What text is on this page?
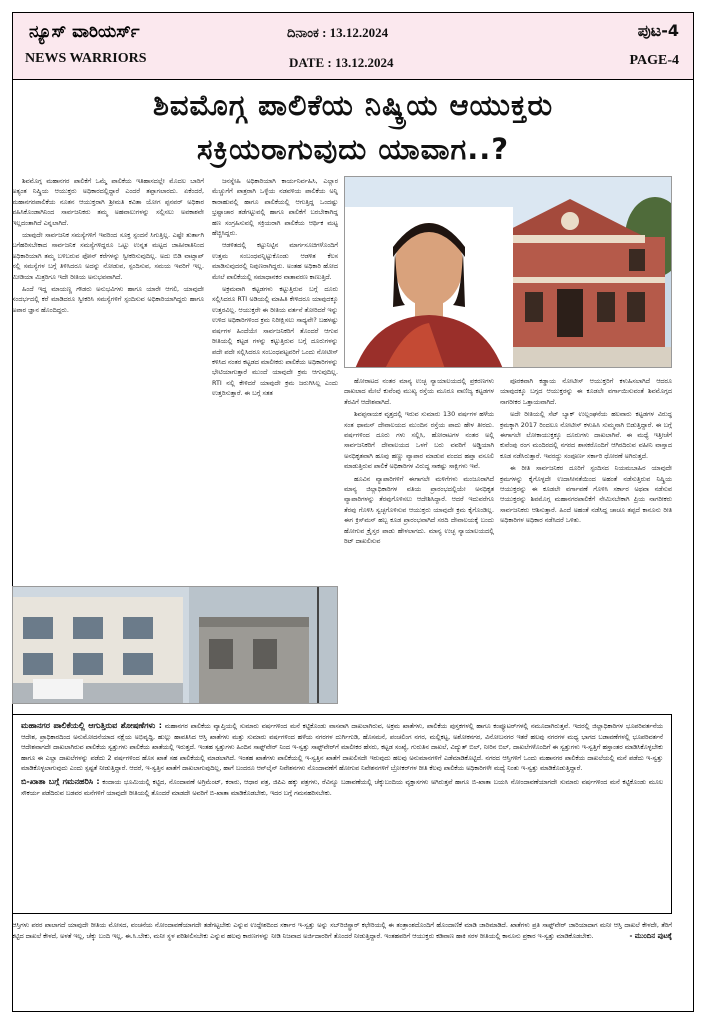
ನ್ಯೂಸ್ ವಾರಿಯರ್ಸ್
NEWS WARRIORS
ದಿನಾಂಕ : 13.12.2024
DATE : 13.12.2024
ಪುಟ-4
PAGE-4
ಶಿವಮೊಗ್ಗ ಪಾಲಿಕೆಯ ನಿಷ್ಕ್ರಿಯ ಆಯುಕ್ತರು
ಸಕ್ರಿಯರಾಗುವುದು ಯಾವಾಗ..?

ಶಿವಮೊಗ್ಗ ಮಹಾನಗರ ಪಾಲಿಕೆಗೆ ಒಮ್ಮೆ ಪಾಲಿಕೆಯ ಇತಿಹಾಸದಲ್ಲೇ ಮೊದಲ ಬಾರಿಗೆ ಅತ್ಯಂತ ನಿಷ್ಕ್ರಿಯ ಆಯುಕ್ತರು ಅಧಿಕಾರದಲ್ಲಿದ್ದಾರೆ ಎಂದರೆ ತಪ್ಪಾಗಲಾರದು. ಏಕೆಂದರೆ, ಮಹಾನಗರಪಾಲಿಕೆಯ ನೂತನ ಆಯುಕ್ತರಾಗಿ ಶ್ರೀಮತಿ ಕವಿತಾ ಯೋಗ ಪ್ಪನವರ್ ಅಧಿಕಾರ ವಹಿಸಿಕೊಂಡಾಗಿನಿಂದ ಸಾರ್ವಜನಿಕರು ತಮ್ಮ ಅಹವಾಲುಗಳನ್ನು ಸಲ್ಲಿಸಲು ಅವಕಾಶವೇ ಇಲ್ಲದಂತಾಗಿದೆ ಎನ್ನಲಾಗಿದೆ.

ಯಾವುದೇ ಸಾರ್ವಜನಿಕ ಸಮಸ್ಯೆಗಳಿಗೆ ಇವರಿಂದ ಸೂಕ್ತ ಸ್ಪಂದನೆ ಸಿಗುತ್ತಿಲ್ಲ. ಎಷ್ಟೇ ತುರ್ತಾಗಿ ಬಗೆಹರಿಸಬೇಕಾದ ಸಾರ್ವಜನಿಕ ಸಮಸ್ಯೆಗಳಿದ್ದರೂ ಒಟ್ಟು ಉನ್ನತ ಮಟ್ಟದ ಜಾಹೀರಾತಿನಿಂದ ಅಧಿಕಾರಿಯಾಗಿ ತಮ್ಮ ಬಳಿಬರುವ ಫೋನ್ ಕರೆಗಳನ್ನು ಸ್ವೀಕರಿಸುವುದಿಲ್ಲ. ಅದು ಬಿಡಿ ವಾಟ್ಸಾಪ್ ನಲ್ಲಿ ಸಮಸ್ಯೆಗಳ ಬಗ್ಗೆ ತಿಳಿಸಿದರೂ ಅದನ್ನು ನೋಡುವ, ಸ್ಪಂದಿಸುವ, ಸಮಯ ಇವರಿಗೆ ಇಲ್ಲ. ಮೀಡಿಯಾ ಮಿತ್ರರಿಗೂ ಇದೇ ರೀತಿಯ ಅನುಭವವಾಗಿದೆ.

ಹಿಂದೆ ಇದ್ದ ಮಾಯಣ್ಣ ಗೌಡರು ಅನುಭವಿಗಳು ಹಾಗೂ ಯಾರೇ ಆಗಲಿ, ಯಾವುದೇ ಸಂದರ್ಭದಲ್ಲಿ ಕರೆ ಮಾಡಿದರೂ ಸ್ವೀಕರಿಸಿ ಸಮಸ್ಯೆಗಳಿಗೆ ಸ್ಪಂದಿಸುವ ಅಧಿಕಾರಿಯಾಗಿದ್ದರು ಹಾಗೂ ಅಪಾರ ಜ್ಞಾನ ಹೊಂದಿದ್ದರು.

ಜನಸ್ನೇಹಿ ಅಧಿಕಾರಿಯಾಗಿ ಕಾರ್ಯನಿರ್ವಹಿಸಿ, ಎಲ್ಲಾರ ಮೆಚ್ಚುಗೆಗೆ ಪಾತ್ರರಾಗಿ ಒಳ್ಳೆಯ ನಡವಳಿಯ ಪಾಲಿಕೆಯ ಅನ್ನಿ ಕಾರಾಹುವಲ್ಲಿ ಹಾಗೂ ಪಾಲಿಕೆಯಲ್ಲಿ ಆಗುತ್ತಿದ್ದ ಒಂದಷ್ಟು ಭ್ರಷ್ಟಾಚಾರ ತಡೆಗಟ್ಟುವಲ್ಲಿ ಹಾಗೂ ಪಾಲಿಕೆಗೆ ಬರಬೇಕಾಗಿದ್ದ ಹಣ ಸಂಗ್ರಹಿಸುವಲ್ಲಿ ಸಕ್ರಿಯರಾಗಿ ಪಾಲಿಕೆಯ ಆರ್ಥಿಕ ಮಟ್ಟ ಹೆಚ್ಚಿಸಿದ್ದರು.

ಆಡಳಿತದಲ್ಲಿ ಕಟ್ಟುನಿಟ್ಟಿನ ಮಾರ್ಗಸೂಚಿಗಳೊಂದಿಗೆ ಉತ್ತಮ ಸಂಬಂಧವನ್ನಿಟ್ಟುಕೊಂಡು ಆಡಳಿತ ಕೆಲಸ ಮಾಡಿಸುವುದರಲ್ಲಿ ನಿಪುಣರಾಗಿದ್ದರು. ಅಂತಹ ಅಧಿಕಾರಿ ಹೋದ ಮೇಲೆ ಪಾಲಿಕೆಯಲ್ಲಿ ಸಮಾಧಾನಕರ ವಾತಾವರಣ ಕಾಣುತ್ತಿದೆ.

ಅಕ್ರಮವಾಗಿ ಕಟ್ಟಡಗಳು ಕಟ್ಟುತ್ತಿರುವ ಬಗ್ಗೆ ದೂರು ಸಲ್ಲಿಸಿದರೂ RTI ಅಡಿಯಲ್ಲಿ ಮಾಹಿತಿ ಕೇಳಿದರೂ ಯಾವುದಕ್ಕೂ ಉತ್ತರವಿಲ್ಲ. ಆಯುಕ್ತರೇ ಈ ರೀತಿಯ ವರ್ತನೆ ತೋರಿದರೆ ಇನ್ನು ಉಳಿದ ಅಧಿಕಾರಿಗಳಿಂದ ಕ್ರಮ ನಿರೀಕ್ಷಿಸಲು ಸಾಧ್ಯವೇ? ಬಹಳಷ್ಟು ವರ್ಷಗಳ ಹಿಂದೆಯೇ ಸಾರ್ವಜನಿಕರಿಗೆ ತೊಂದರೆ ಆಗುವ ರೀತಿಯಲ್ಲಿ ಕಟ್ಟಡ ಗಳನ್ನು ಕಟ್ಟುತ್ತಿರುವ ಬಗ್ಗೆ ದೂರುಗಳನ್ನು ಪದೇ ಪದೇ ಸಲ್ಲಿಸಿದರೂ ಸಂಬಂಧಪಟ್ಟವರಿಗೆ ಒಂದು ನೋಟೀಸ್ ಕಳಿಸಿದ ನಂತರ ಕಟ್ಟಡದ ಮಾಲೀಕರು ಪಾಲಿಕೆಯ ಅಧಿಕಾರಿಗಳನ್ನು ಭೇಟಿಯಾಗುತ್ತಾರೆ ಮುಂದೆ ಯಾವುದೇ ಕ್ರಮ ಆಗುವುದಿಲ್ಲ. RTI ನಲ್ಲಿ ಕೇಳಿದರೆ ಯಾವುದೇ ಕ್ರಮ ಜರುಗಿಸಿಲ್ಲ ಎಂದು ಉತ್ತರಿಸುತ್ತಾರೆ. ಈ ಬಗ್ಗೆ ಸತತ

ಹೋರಾಟದ ನಂತರ ಮಾನ್ಯ ಉಚ್ಛ ನ್ಯಾಯಾಲಯದಲ್ಲಿ ಪ್ರಕರಣಗಳು ದಾಖಲಾದ ಮೇಲೆ ಕುವೆಂಪು ಮುಖ್ಯ ರಸ್ತೆಯ ಮೂರೂ ವಾಣಿಜ್ಯ ಕಟ್ಟಡಗಳ ತೆರವಿಗೆ ಆದೇಶವಾಗಿದೆ.

ಶಿವಪ್ಪನಾಯಕ ವೃತ್ತದಲ್ಲಿ ಇರುವ ಸುಮಾರು 130 ವರ್ಷಗಳ ಹಳೆಯ ಸಂತ ಥಾಮಸ್ ದೇವಾಲಯದ ಮುಂದಿನ ರಸ್ತೆಯ ಪಾದು ಹೇಳ ತೀರದು. ವರ್ಷಗಳಿಂದ ದೂರು ಗಳು ಸಲ್ಲಿಸಿ, ಹೋರಾಟಗಳ ನಂತರ ಅಲ್ಲಿ ಸಾರ್ವಜನಿಕರಿಗೆ ದೇವಾಲಯದ ಒಳಗೆ ಬರು ವವರಿಗೆ ಅಡ್ಡಿಯಾಗಿ ಅನಧಿಕೃತವಾಗಿ ಹೂವು ಹಣ್ಣು ವ್ಯಾಪಾರ ಮಾಡುವ ವಂದದ ಹಪ್ತಾ ವಸೂಲಿ ಮಾಡುತ್ತಿರುವ ಪಾಲಿಕೆ ಅಧಿಕಾರಿಗಳ ವಿರುದ್ಧ ಸಾಕಷ್ಟು ಸಾಕ್ಷಿಗಳು ಇವೆ.

ಹೂವಿನ ವ್ಯಾಪಾರಿಗಳಿಗೆ ಈಗಾಗಲೇ ಮಳಿಗೆಗಳು ಮಂಜೂರಾಗಿದೆ ಮಾನ್ಯ ಜಿಲ್ಲಾಧಿಕಾರಿಗಳ ವತಿಯ ಪ್ರಾರಂಭದಲ್ಲಿಯೇ ಅನಧಿಕೃತ ವ್ಯಾಪಾರಿಗಳನ್ನು ತೆರವುಗೊಳಿಸಲು ಆದೇಶಿಸಿದ್ದಾರೆ. ಆದರೆ ಇದುವರೆಗೂ ತೆರವು ಗೊಳಿಸಿ ಸ್ವಚ್ಛಗೊಳಿಸುವ ಆಯುಕ್ತರು ಯಾವುದೇ ಕ್ರಮ ಕೈಗೊಂಡಿಲ್ಲ. ಈಗ ಕ್ರಿಸ್‌ಮಸ್ ಹಬ್ಬ ಕೂಡ ಪ್ರಾರಂಭವಾಗಿದೆ ಸರದಿ ದೇವಾಲಯಕ್ಕೆ ಬಂದು ಹೋಗುವ ಕ್ರೈಸ್ತರ ಪಾಡು ಹೇಳಲಾಗದು. ಮಾನ್ಯ ಉಚ್ಛ ನ್ಯಾಯಾಲಯದಲ್ಲಿ ರಿಟ್ ದಾಖಲಿಸುವ

ಪೂರಕವಾಗಿ ಕಡ್ಡಾಯ ನೋಟೀಸ್ ಆಯುಕ್ತರಿಗೆ ಕಳುಹಿಸಲಾಗಿದೆ ಆದರೂ ಯಾವುದಕ್ಕೂ ಬಗ್ಗದ ಆಯುಕ್ತರನ್ನು ಈ ಕೂಡಲೇ ವರ್ಗಾಯಿಸುವಂತೆ ಶಿವಮೊಗ್ಗದ ನಾಗರೀಕರ ಒತ್ತಾಯವಾಗಿದೆ.

ಅದೇ ರೀತಿಯಲ್ಲಿ ಸೆಟ್ ಬ್ಯಾಕ್ ಉಲ್ಲಂಘನೆಯ ಹಲವಾರು ಕಟ್ಟಡಗಳ ವಿರುದ್ಧ ಕ್ರಮಕ್ಕಾಗಿ 2017 ರಿಂದಲೂ ನೋಟೀಸ್ ಕಳುಹಿಸಿ ಸುಮ್ಮನಾಗಿ ಬಿಡುತ್ತಿದ್ದಾರೆ. ಈ ಬಗ್ಗೆ ಈಗಾಗಲೇ ಲೋಕಾಯುಕ್ತಕ್ಕೂ ದೂರುಗಳು ದಾಖಲಾಗಿವೆ. ಈ ಮಧ್ಯೆ ಇತ್ತೀಚೆಗೆ ಕುವೆಂಪು ರಂಗ ಮಂದಿರದಲ್ಲಿ ನಗರದ ಶಾಸಕರೊಂದಿಗೆ ಆಗಿರದಿರುವ ವಹೀನಿ ವಾಸ್ತಾದ ಕೂಡ ನಡೆಸಿರುತ್ತಾರೆ. ಇವರದ್ದು ಸಂಪೂರ್ಣ ಸರ್ಕಾರಿ ಧೋರಣೆ ಅಗಿರುತ್ತದೆ.

ಈ ರೀತಿ ಸಾರ್ವಜನಿಕರ ದೂರಿಗೆ ಸ್ಪಂದಿಸದ ನಿಯಮಬಾಹಿರ ಯಾವುದೇ ಕ್ರಮಗಳನ್ನು ಕೈಗೊಳ್ಳದೇ ಉದಾಸೀನತೆಯಿಂದ ಅಹಂತೆ ನಡೆಸುತ್ತಿರುವ ನಿಷ್ಕ್ರಿಯ ಆಯುಕ್ತರನ್ನು ಈ ಕೂಡಲೇ ವರ್ಗಾವಣೆ ಗೊಳಿಸಿ ಸರ್ಕಾರ ಅಥವಾ ನಡೆಸುವ ಆಯುಕ್ತರನ್ನು ಶಿವಮೊಗ್ಗ ಮಹಾನಗರಪಾಲಿಕೆಗೆ ನೇಮಿಸಬೇಕಾಗಿ ಪ್ರಿಯ ನಾಗರೀಕರು ಸಾರ್ವಜನಿಕರು ಆಶಿಸುತ್ತಾರೆ. ಹಿಂದೆ ಅಹಂತೆ ನಡೆಸಿದ್ದ ಚಾಚೂ ತಪ್ಪದೆ ಕಾನೂನು ರೀತಿ ಅಧಿಕಾರಿಗಳ ಅಧಿಕಾರ ನಡೆಸಿದರೆ ಒಳಿತು.

ಮಹಾನಗರ ಪಾಲಿಕೆಯಲ್ಲಿ ಆಗುತ್ತಿರುವ ಶೋಷಣೆಗಳು : ಮಹಾನಗರ ಪಾಲಿಕೆಯ ವ್ಯಾಪ್ತಿಯಲ್ಲಿ ಸುಮಾರು ವರ್ಷಗಳಿಂದ ಮನೆ ಕಟ್ಟಿಕೊಂಡು ವಾಸವಾಗಿ ದಾಖಲಾಗಿರುವ, ಅಕ್ರಮ ಖಾತೆಗಳು, ಪಾಲಿಕೆಯ ಪುಸ್ತಕಗಳಲ್ಲಿ ಹಾಗೂ ಕಂಪ್ಯೂಟರ್‌ಗಳಲ್ಲಿ ನಮೂದಾಗಿರುತ್ತವೆ. ಇದರಲ್ಲಿ ಜಿಲ್ಲಾಧಿಕಾರಿಗಳ ಭೂಪರಿವರ್ತನೆಯ ಆದೇಶ, ಪ್ರಾಧಿಕಾರದಿಂದ ಅನುಮೋದನೆಯಾದ ನಕ್ಷೆಯ ಅಭಿವೃದ್ಧಿ, ಹುಲ್ಲು ಹಾವತಿಸಿದ ಆಸ್ತಿ ಖಾತೆಗಳು ಮತ್ತು ಸುಮಾರು ವರ್ಷಗಳಿಂದ ಹಳೆಯ ನಗರಗಳ ದುರ್ಗಿಗುಡಿ, ಹೊಸಮನೆ, ಪಂಚಲಿಂಗ ನಗರ, ಮಲ್ಲಿಕಟ್ಟ, ಅಶೋಕನಗರ, ವಿನೋಬನಗರ ಇತರೆ ಹಲವು ನಗರಗಳ ಮಧ್ಯ ಭಾಗದ ಬಡಾವಣೆಗಳಲ್ಲಿ ಭೂಪರಿವರ್ತನೆ ಆದೇಶವಾಗದೇ ದಾಖಲಾಗಿರುವ ಪಾಲಿಕೆಯ ಸ್ವತ್ತುಗಳು ಪಾಲಿಕೆಯ ಖಾತೆಯಲ್ಲಿ ಇರುತ್ತದೆ. ಇಂತಹ ಸ್ವತ್ತುಗಳು ಹಿಂದಿನ ಸಾಫ್ಟ್‌ವೇರ್ ನಿಂದ ಇ-ಸ್ವತ್ತು ಸಾಫ್ಟ್‌ವೇರ್‌ಗೆ ಮಾಲೀಕರ ಹೆಸರು, ಕಟ್ಟಡ ಸಂಖ್ಯೆ, ಗುರುತಿನ ದಾಖಲೆ, ವಿದ್ಯುತ್ ಬಿಲ್, ನೀರಿನ ಬಿಲ್, ದಾಖಲೆಗಳೊಂದಿಗೆ ಈ ಸ್ವತ್ತುಗಳು ಇ-ಸ್ವತ್ತಿಗೆ ಹಸ್ತಾಂತರ ಮಾಡಿಸಿಕೊಳ್ಳಬೇಕು ಹಾಗೂ ಈ ಎಲ್ಲಾ ದಾಖಲೆಗಳನ್ನು ಪಡೆದು 2 ವರ್ಷಗಳಿಂದ ಹೊಸ ಖಾತೆ ಸಹ ಪಾಲಿಕೆಯಲ್ಲಿ ಮಾಡಲಾಗಿದೆ. ಇಂತಹ ಖಾತೆಗಳು ಪಾಲಿಕೆಯಲ್ಲಿ ಇ-ಸ್ವತ್ತಿನ ಖಾತೆಗೆ ದಾಖಲಿಸದೇ ಇರುವುದು ಹಲವು ಅನುಮಾನಗಳಿಗೆ ಎಡೆಮಾಡಿಕೊಟ್ಟಿದೆ. ನಗರದ ಆಸ್ತಿಗಳಿಗೆ ಒಂದು ಮಹಾನಗರ ಪಾಲಿಕೆಯ ದಾಖಲೆಯಲ್ಲಿ ಮನೆ ಪಡೆದು ಇ-ಸ್ವತ್ತು ಮಾಡಿಕೊಳ್ಳಲಾಗುವುದು ಎಂದು ಸ್ಪಷ್ಟತೆ ನೀಡುತ್ತಿದ್ದಾರೆ. ಆದರೆ, ಇ-ಸ್ವತ್ತಿನ ಖಾತೆಗೆ ದಾಖಲಾಗುವುದಿಲ್ಲ, ಹಾಗೆ ಬಂದರೂ ಆನ್‌ಲೈನ್ ನಿವೇಶನಗಳು ನೊಂದಾವಣೆಗೆ ಹೋಗುವ ನಿವೇಶನಗಳಿಗೆ ಬ್ರೋಕರ್‌ಗಳ ರೀತಿ ಕೆಲವು ಪಾಲಿಕೆಯ ಅಧಿಕಾರಿಗಳೇ ಮಧ್ಯೆ ನಿಂತು ಇ-ಸ್ವತ್ತು ಮಾಡಿಕೊಡುತ್ತಿದ್ದಾರೆ.

ಬಿ-ಖಾತಾ ಬಗ್ಗೆ ಗಮನಹರಿಸಿ : ಕಂದಾಯ ಭೂಮಿಯಲ್ಲಿ ಕಟ್ಟಿದ, ನೊಂದಾವಣೆ ಅಗ್ರಿಮೆಂಟ್, ಕರಾರು, ಆಧಾರ ಪತ್ರ, ಜಿಪಿಎ ಹಕ್ಕು ಪತ್ರಗಳು, ರೆವಿನ್ಯೂ ಬಡಾವಣೆಯಲ್ಲಿ ಚೆಕ್ಕುಬಂದಿಯ ವ್ಯಕ್ತಾಸಗಳು ಅಗಿರುತ್ತವೆ ಹಾಗೂ ಬಿ-ಖಾತಾ ಬಯಸಿ ನೋಂದಾವಣೆಯಾಗದೇ ಸುಮಾರು ವರ್ಷಗಳಿಂದ ಮನೆ ಕಟ್ಟಿಕೊಂಡು ಮೂಲ ಸೌಕರ್ಯ ಪಡೆದಿರುವ ಬಡವರ ಮನೆಗಳಿಗೆ ಯಾವುದೇ ರೀತಿಯಲ್ಲಿ ತೊಂದರೆ ಮಾಡದೇ ಅವರಿಗೆ ಬಿ-ಖಾತಾ ಮಾಡಿಕೊಡಬೇಕು, ಇದರ ಬಗ್ಗೆ ಗಮನಹರಿಸಬೇಕು.

ಆಸ್ತಿಗಳು ಪರರ ಪಾಲಾಗದೆ ಯಾವುದೇ ರೀತಿಯ ಮೋಸದ, ವಂಚನೆಯ ನೋಂದಾವಣೆಯಾಗದೇ ತಡೆಗಟ್ಟಬೇಕು ಎನ್ನುವ ಉದ್ದೇಶದಿಂದ ಸರ್ಕಾರ ಇ-ಸ್ವತ್ತು ಅನ್ನು ಸಬ್‌ರಿಜಿಸ್ಟ್ರಾರ್ ಕಛೇರಿಯಲ್ಲಿ ಈ ತಂತ್ರಾಂಶದೊಂದಿಗೆ ಹೊಂದಾಣಿಕೆ ಮಾಡಿ ಜಾರಿಮಾಡಿದೆ. ಖಾತೆಗಳು ಪ್ರತಿ ಸಾಫ್ಟ್‌ವೇರ್ ಜಾರಿಯಾದಾಗ ಮನೀ ಆಸ್ತಿ ದಾಖಲೆ ಕೇಳದೇ, ತೆರಿಗೆ ಕಟ್ಟಿದ ದಾಖಲೆ ಕೇಳದೆ, ಅಳತೆ ಇಲ್ಲ, ಚೆಕ್ಕು ಬಂದಿ ಇಲ್ಲ, ಈ.ಸಿ.ಬೇಕು, ಮನೀ ಸ್ಥಳ ಪರಿಶೀಲಿಸಬೇಕು ಎನ್ನುವ ಹಲವು ಕಾರಣಗಳನ್ನು ನೀಡಿ ನಿಜವಾದ ಅರ್ಜಿದಾರರಿಗೆ ತೊಂದರೆ ನೀಡುತ್ತಿದ್ದಾರೆ. ಇಂತಹವರಿಗೆ ಆಯುಕ್ತರು ಕಡಿವಾಣ ಹಾಕಿ ಸರಳ ರೀತಿಯಲ್ಲಿ ಕಾನೂನು ಪ್ರಕಾರ ಇ-ಸ್ವತ್ತು ಮಾಡಿಕೊಡಬೇಕು.	- ಮುಂದಿನ ಪುಟಕ್ಕೆ
